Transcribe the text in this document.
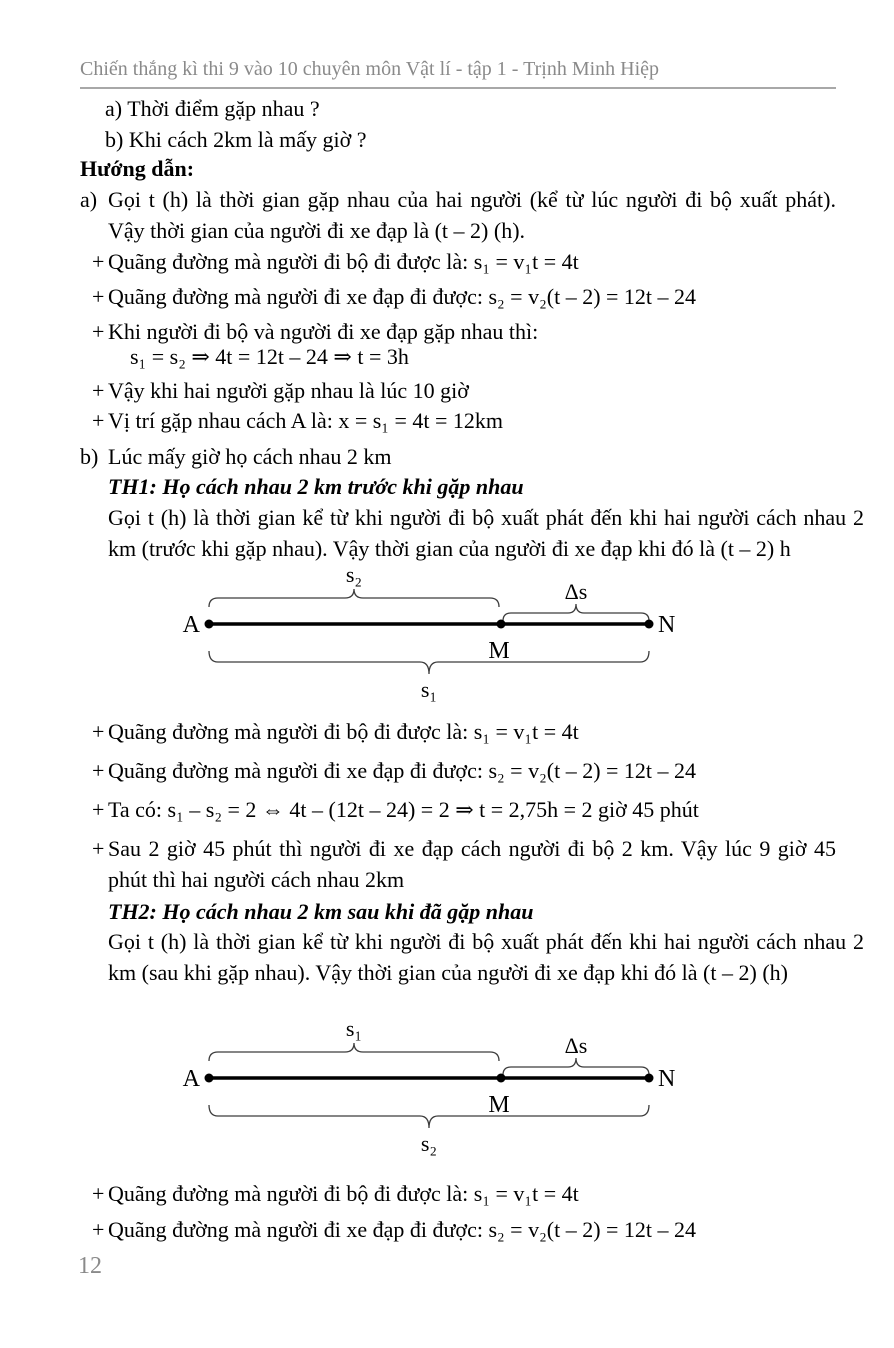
Chiến thắng kì thi 9 vào 10 chuyên môn Vật lí - tập 1 - Trịnh Minh Hiệp
a) Thời điểm gặp nhau ?
b) Khi cách 2km là mấy giờ ?
Hướng dẫn:
a) Gọi t (h) là thời gian gặp nhau của hai người (kể từ lúc người đi bộ xuất phát). Vậy thời gian của người đi xe đạp là (t – 2) (h).
+ Quãng đường mà người đi bộ đi được là: s₁ = v₁t = 4t
+ Quãng đường mà người đi xe đạp đi được: s₂ = v₂(t – 2) = 12t – 24
+ Khi người đi bộ và người đi xe đạp gặp nhau thì:
s₁ = s₂ ⇒ 4t = 12t – 24 ⇒ t = 3h
+ Vậy khi hai người gặp nhau là lúc 10 giờ
+ Vị trí gặp nhau cách A là: x = s₁ = 4t = 12km
b) Lúc mấy giờ họ cách nhau 2 km
TH1: Họ cách nhau 2 km trước khi gặp nhau
Gọi t (h) là thời gian kể từ khi người đi bộ xuất phát đến khi hai người cách nhau 2 km (trước khi gặp nhau). Vậy thời gian của người đi xe đạp khi đó là (t – 2) h
s₂
Δs
A
M
N
s₁
+ Quãng đường mà người đi bộ đi được là: s₁ = v₁t = 4t
+ Quãng đường mà người đi xe đạp đi được: s₂ = v₂(t – 2) = 12t – 24
+ Ta có: s₁ – s₂ = 2 ⇔ 4t – (12t – 24) = 2 ⇒ t = 2,75h = 2 giờ 45 phút
+ Sau 2 giờ 45 phút thì người đi xe đạp cách người đi bộ 2 km. Vậy lúc 9 giờ 45 phút thì hai người cách nhau 2km
TH2: Họ cách nhau 2 km sau khi đã gặp nhau
Gọi t (h) là thời gian kể từ khi người đi bộ xuất phát đến khi hai người cách nhau 2 km (sau khi gặp nhau). Vậy thời gian của người đi xe đạp khi đó là (t – 2) (h)
s₁
Δs
A
M
N
s₂
+ Quãng đường mà người đi bộ đi được là: s₁ = v₁t = 4t
+ Quãng đường mà người đi xe đạp đi được: s₂ = v₂(t – 2) = 12t – 24
12
